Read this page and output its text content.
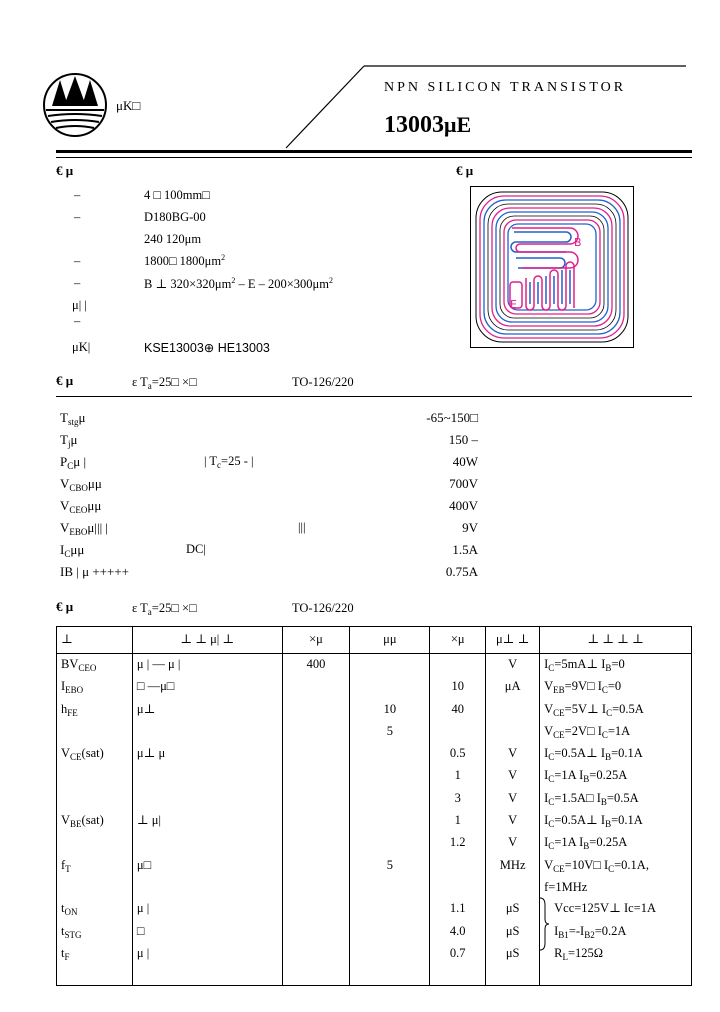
μK□
NPN SILICON TRANSISTOR
13003μE
€ μ	€ μ
–	4 □ 100mm□
–	D180BG-00
240 120μm
–	1800□ $1800\mu m^2$
–	B ⊥ $320\times 320\mu m^2 - E - 200\times 300\mu m^2$
μ| |
–
μK|	KSE13003⊕ HE13003
B
E
€ μ	ɛ $T_a=25□$ ×□	TO-126/220
$T_{stg}\mu$	-65~150□
$T_j\mu$	150 –
$P_C\mu$ |	| $T_c=25$ - |	40W
$V_{CBO}\mu\mu$	700V
$V_{CEO}\mu\mu$	400V
$V_{EBO}\mu|||$ |	|||	9V
$I_C\mu\mu$	DC|	1.5A
IB | μ +++++	0.75A
€ μ	ɛ $T_a=25□$ ×□	TO-126/220
⊥	⊥ ⊥ μ| ⊥	×μ	μμ	×μ	μ⊥ ⊥	⊥ ⊥ ⊥ ⊥
$BV_{CEO}$	μ | — μ |	400			V	$I_C=5mA\perp$ $I_B=0$
$I_{EBO}$	□ —μ□			10	μA	$V_{EB}=9V□$ $I_C=0$
$h_{FE}$	μ⊥		10	40		$V_{CE}=5V\perp$ $I_C=0.5A$
			5			$V_{CE}=2V□$ $I_C=1A$
$V_{CE}(sat)$	μ⊥ μ			0.5	V	$I_C=0.5A\perp$ $I_B=0.1A$
				1	V	$I_C=1A$ $I_B=0.25A$
				3	V	$I_C=1.5A□$ $I_B=0.5A$
$V_{BE}(sat)$	⊥ μ|			1	V	$I_C=0.5A\perp$ $I_B=0.1A$
				1.2	V	$I_C=1A$ $I_B=0.25A$
$f_T$	μ□		5		MHz	$V_{CE}=10V□$ $I_C=0.1A$,
						f=1MHz
$t_{ON}$	μ |			1.1	μS	Vcc=125V⊥ Ic=1A
$t_{STG}$	□			4.0	μS	$I_{B1}=-I_{B2}=0.2A$
$t_F$	μ |			0.7	μS	$R_L=125\Omega$
